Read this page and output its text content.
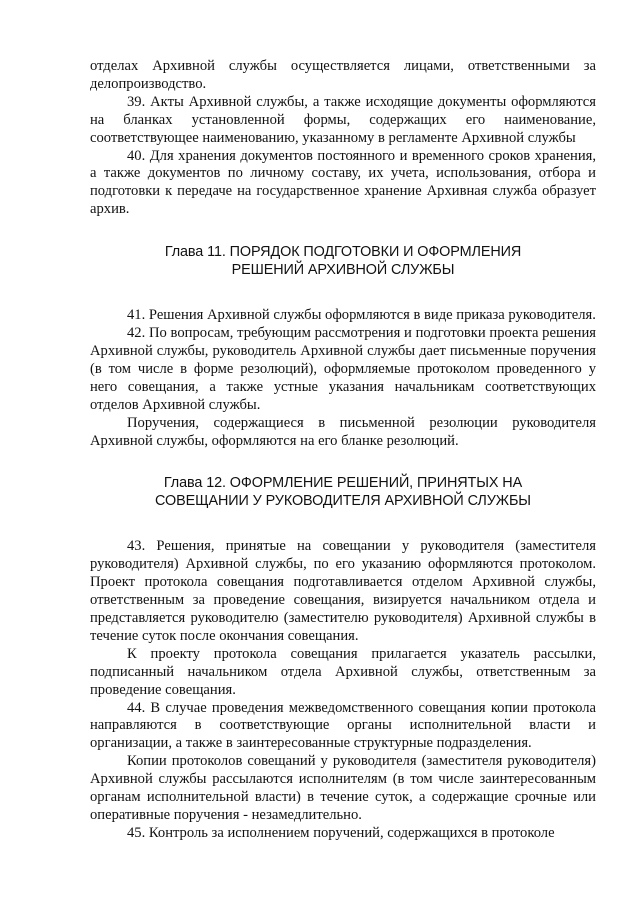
отделах Архивной службы осуществляется лицами, ответственными за делопроизводство.

39. Акты Архивной службы, а также исходящие документы оформляются на бланках установленной формы, содержащих его наименование, соответствующее наименованию, указанному в регламенте Архивной службы

40. Для хранения документов постоянного и временного сроков хранения, а также документов по личному составу, их учета, использования, отбора и подготовки к передаче на государственное хранение Архивная служба образует архив.

Глава 11. ПОРЯДОК ПОДГОТОВКИ И ОФОРМЛЕНИЯ
РЕШЕНИЙ АРХИВНОЙ СЛУЖБЫ

41. Решения Архивной службы оформляются в виде приказа руководителя.

42. По вопросам, требующим рассмотрения и подготовки проекта решения Архивной службы, руководитель Архивной службы дает письменные поручения (в том числе в форме резолюций), оформляемые протоколом проведенного у него совещания, а также устные указания начальникам соответствующих отделов Архивной службы.

Поручения, содержащиеся в письменной резолюции руководителя Архивной службы, оформляются на его бланке резолюций.

Глава 12. ОФОРМЛЕНИЕ РЕШЕНИЙ, ПРИНЯТЫХ НА
СОВЕЩАНИИ У РУКОВОДИТЕЛЯ АРХИВНОЙ СЛУЖБЫ

43. Решения, принятые на совещании у руководителя (заместителя руководителя) Архивной службы, по его указанию оформляются протоколом. Проект протокола совещания подготавливается отделом Архивной службы, ответственным за проведение совещания, визируется начальником отдела и представляется руководителю (заместителю руководителя) Архивной службы в течение суток после окончания совещания.

К проекту протокола совещания прилагается указатель рассылки, подписанный начальником отдела Архивной службы, ответственным за проведение совещания.

44. В случае проведения межведомственного совещания копии протокола направляются в соответствующие органы исполнительной власти и организации, а также в заинтересованные структурные подразделения.

Копии протоколов совещаний у руководителя (заместителя руководителя) Архивной службы рассылаются исполнителям (в том числе заинтересованным органам исполнительной власти) в течение суток, а содержащие срочные или оперативные поручения - незамедлительно.

45. Контроль за исполнением поручений, содержащихся в протоколе
